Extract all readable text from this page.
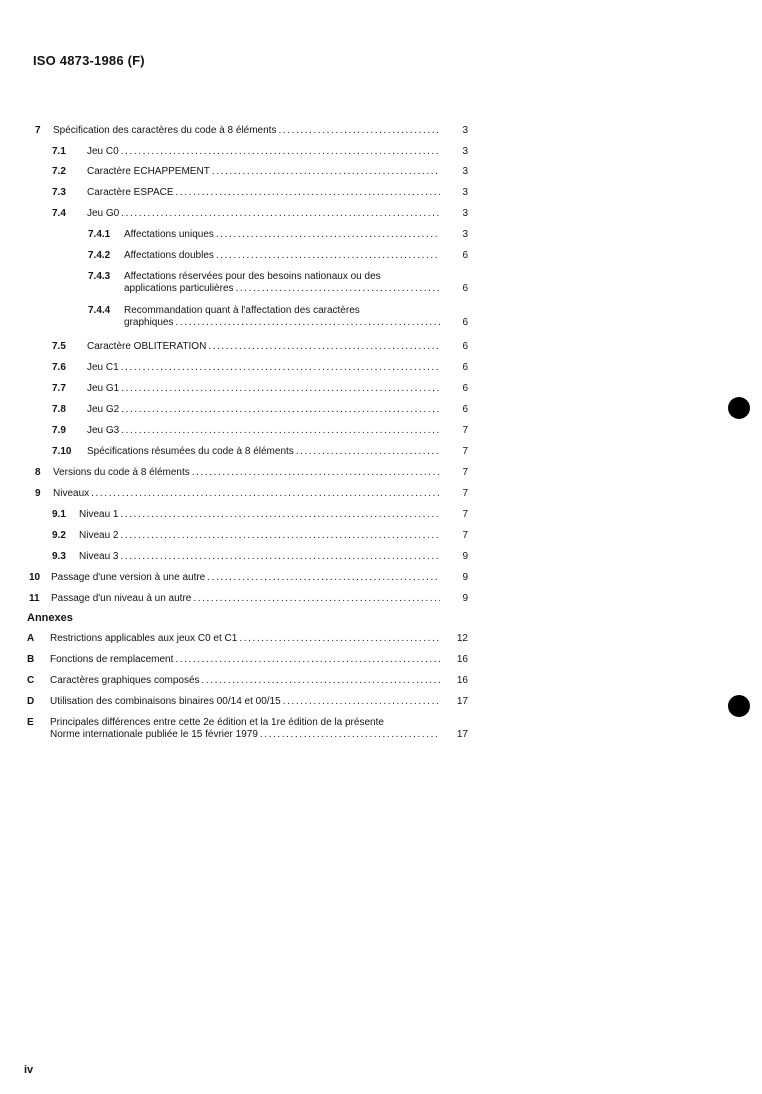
ISO 4873-1986 (F)
7 Spécification des caractères du code à 8 éléments .....	3
7.1 Jeu C0 .....	3
7.2 Caractère ÉCHAPPEMENT .....	3
7.3 Caractère ESPACE .....	3
7.4 Jeu G0 .....	3
7.4.1 Affectations uniques .....	3
7.4.2 Affectations doubles .....	6
7.4.3 Affectations réservées pour des besoins nationaux ou des
applications particulières .....	6
7.4.4 Recommandation quant à l'affectation des caractères
graphiques .....	6
7.5 Caractère OBLITÉRATION .....	6
7.6 Jeu C1 .....	6
7.7 Jeu G1 .....	6
7.8 Jeu G2 .....	6
7.9 Jeu G3 .....	7
7.10 Spécifications résumées du code à 8 éléments .....	7
8 Versions du code à 8 éléments .....	7
9 Niveaux .....	7
9.1 Niveau 1 .....	7
9.2 Niveau 2 .....	7
9.3 Niveau 3 .....	9
10 Passage d'une version à une autre .....	9
11 Passage d'un niveau à un autre .....	9
Annexes
A Restrictions applicables aux jeux C0 et C1 .....	12
B Fonctions de remplacement .....	16
C Caractères graphiques composés .....	16
D Utilisation des combinaisons binaires 00/14 et 00/15 .....	17
E Principales différences entre cette 2e édition et la 1re édition de la présente
Norme internationale publiée le 15 février 1979 .....	17
iv
